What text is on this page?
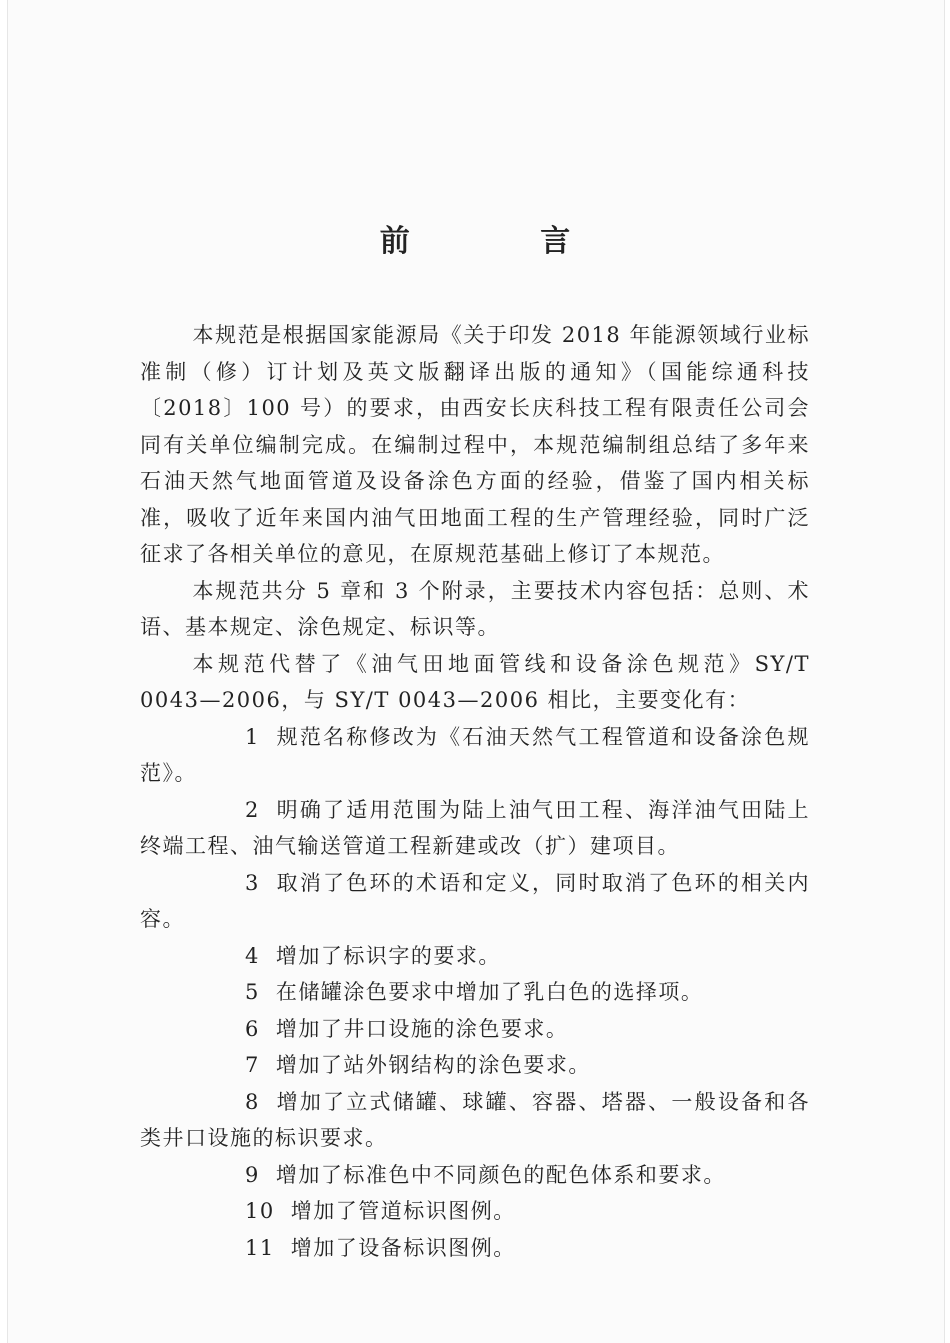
前 言

本规范是根据国家能源局《关于印发 2018 年能源领域行业标准制（修）订计划及英文版翻译出版的通知》（国能综通科技〔2018〕100 号）的要求，由西安长庆科技工程有限责任公司会同有关单位编制完成。在编制过程中，本规范编制组总结了多年来石油天然气地面管道及设备涂色方面的经验，借鉴了国内相关标准，吸收了近年来国内油气田地面工程的生产管理经验，同时广泛征求了各相关单位的意见，在原规范基础上修订了本规范。

本规范共分 5 章和 3 个附录，主要技术内容包括：总则、术语、基本规定、涂色规定、标识等。

本规范代替了《油气田地面管线和设备涂色规范》SY/T 0043—2006，与 SY/T 0043—2006 相比，主要变化有：

1 规范名称修改为《石油天然气工程管道和设备涂色规范》。

2 明确了适用范围为陆上油气田工程、海洋油气田陆上终端工程、油气输送管道工程新建或改（扩）建项目。

3 取消了色环的术语和定义，同时取消了色环的相关内容。

4 增加了标识字的要求。

5 在储罐涂色要求中增加了乳白色的选择项。

6 增加了井口设施的涂色要求。

7 增加了站外钢结构的涂色要求。

8 增加了立式储罐、球罐、容器、塔器、一般设备和各类井口设施的标识要求。

9 增加了标准色中不同颜色的配色体系和要求。

10 增加了管道标识图例。

11 增加了设备标识图例。
